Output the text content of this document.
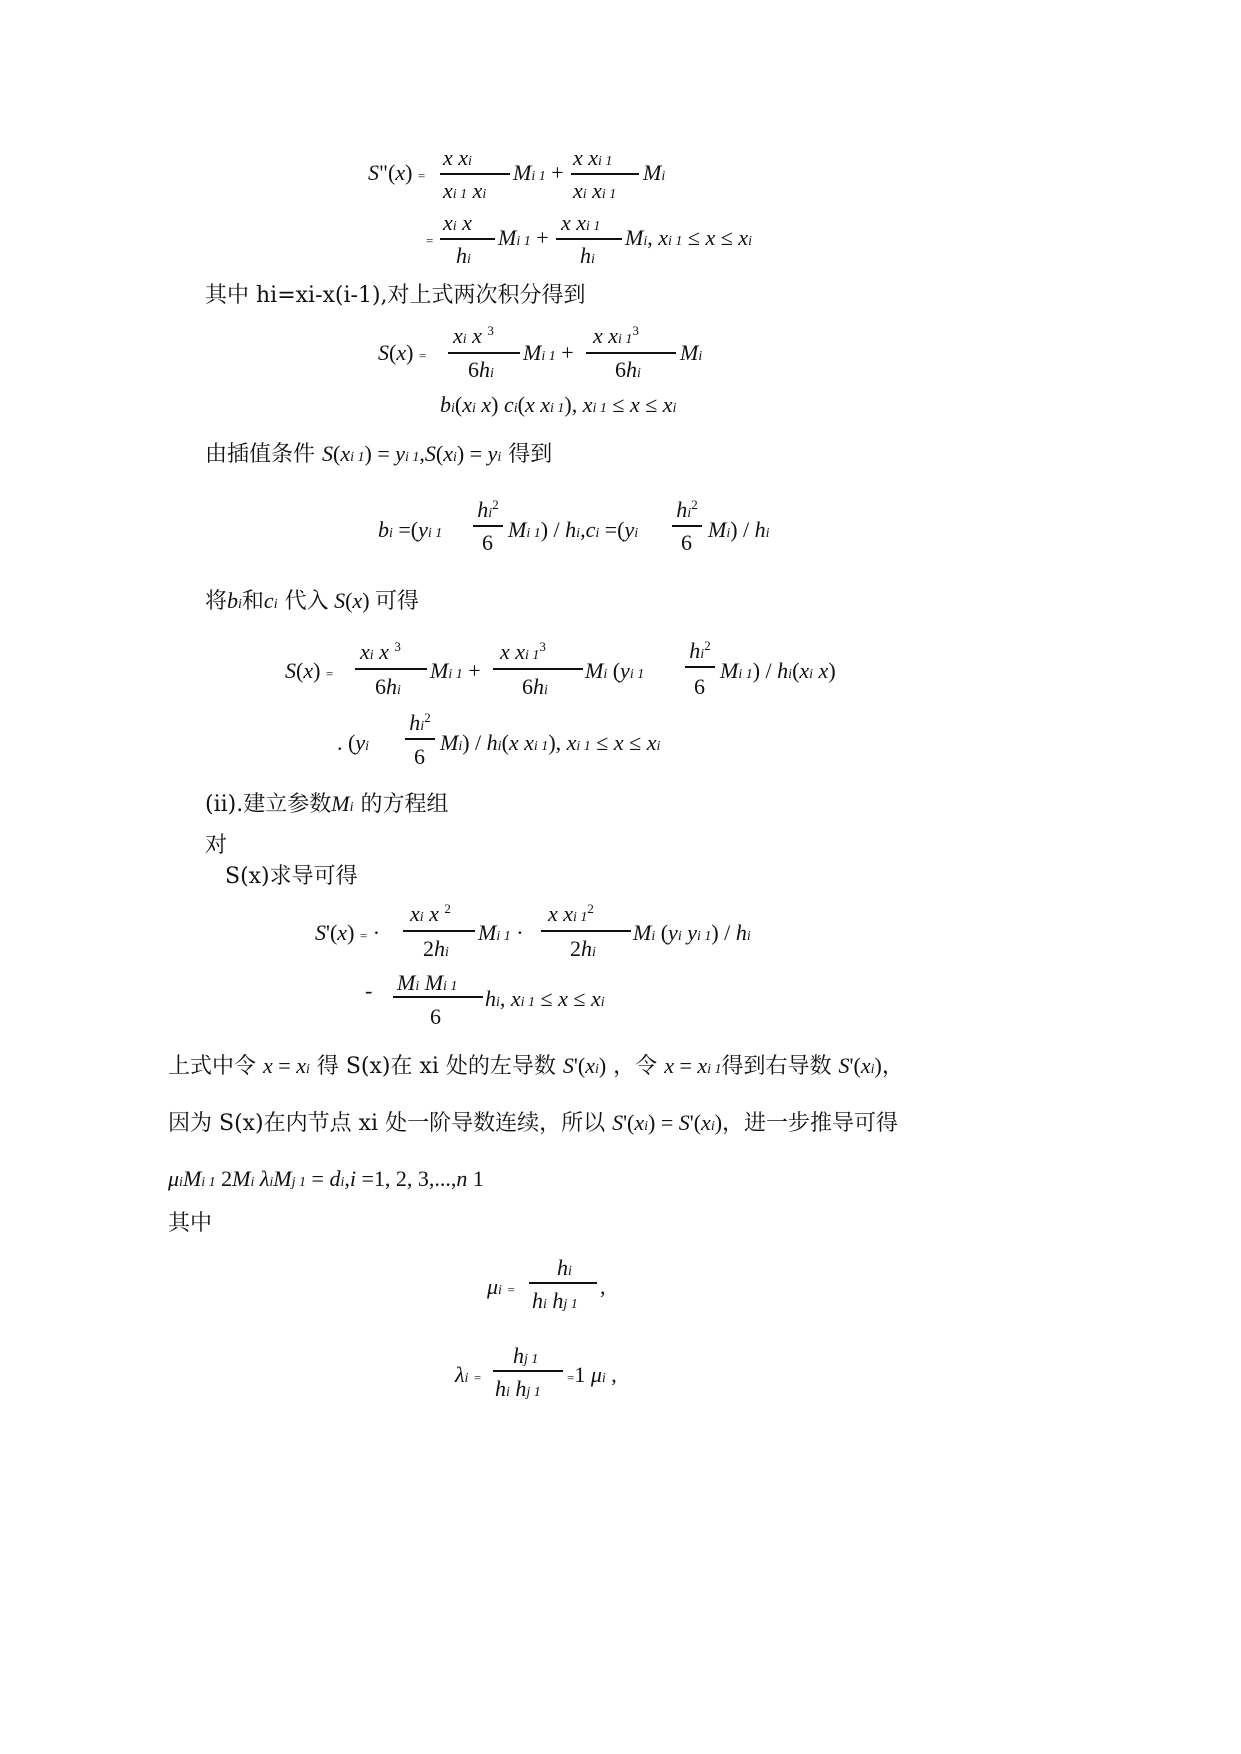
S"(x) =
x xi
xi 1 xi
Mi 1 +
x xi 1
xi xi 1
Mi
=
xi x
hi
Mi 1 +
x xi 1
hi
Mi, xi 1 ≤ x ≤ xi
其中 hi=xi-x(i-1),对上式两次积分得到
S(x) =
xi x $^3$
6hi
Mi 1 +
x xi $1^3$
6hi
Mi
bi(xi x) ci(x xi 1), xi 1 ≤ x ≤ xi
由插值条件 S(xi 1) = yi 1,S(xi) = yi 得到
bi =(yi 1
$hi^2$
6
Mi 1) / hi,ci =(yi
$hi^2$
6
Mi) / hi
将bi和ci 代入 S(x) 可得
S(x) =
xi x $^3$
6hi
Mi 1 +
x xi $1^3$
6hi
Mi (yi 1
$hi^2$
6
Mi 1) / hi(xi x)
. (yi
$hi^2$
6
Mi) / hi(x xi 1), xi 1 ≤ x ≤ xi
(ii).建立参数Mi 的方程组
对
S(x)求导可得
S'(x) = ·
xi x $^2$
2hi
Mi 1 ·
x xi $1^2$
2hi
Mi (yi yi 1) / hi
- Mi Mi 1
6
hi, xi 1 ≤ x ≤ xi
上式中令 x = xi 得 S(x)在 xi 处的左导数 S'(xi) ，令 x = xi 1得到右导数 S'(xi)，
因为 S(x)在内节点 xi 处一阶导数连续，所以 S'(xi) = S'(xi)，进一步推导可得
μiMi 1 2Mi λiMj 1 = di,i =1, 2, 3,...,n 1
其中
μi =
hi
hi hj 1
,
λi =
hj 1
hi hj 1
=1 μi ,
